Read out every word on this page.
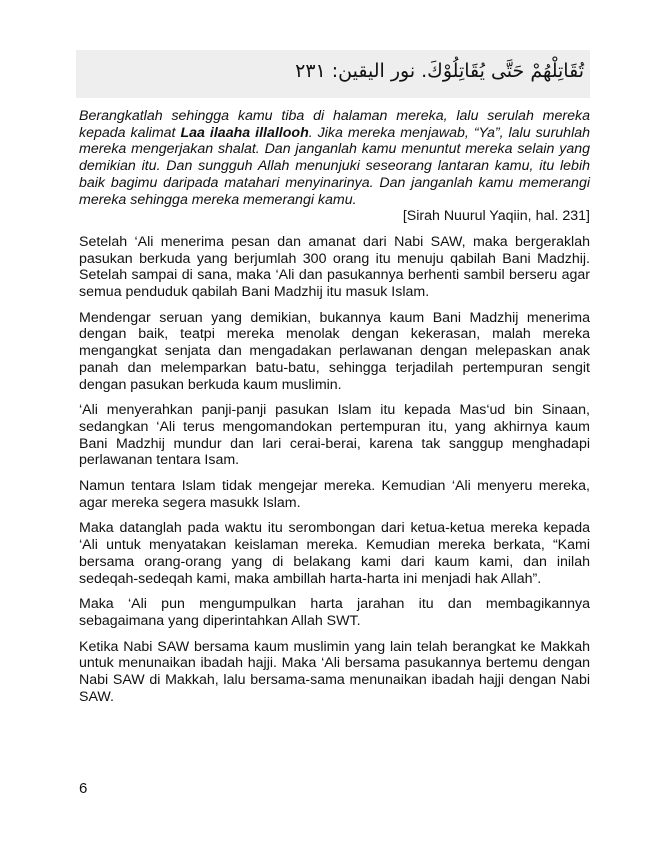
تُقَاتِلْهُمْ حَتَّى يُقَاتِلُوْكَ. نور اليقين: ٢٣١

Berangkatlah sehingga kamu tiba di halaman mereka, lalu serulah mereka kepada kalimat Laa ilaaha illallooh. Jika mereka menjawab, “Ya”, lalu suruhlah mereka mengerjakan shalat. Dan janganlah kamu menuntut mereka selain yang demikian itu. Dan sungguh Allah menunjuki seseorang lantaran kamu, itu lebih baik bagimu daripada matahari menyinarinya. Dan janganlah kamu memerangi mereka sehingga mereka memerangi kamu.

[Sirah Nuurul Yaqiin, hal. 231]

Setelah ‘Ali menerima pesan dan amanat dari Nabi SAW, maka bergeraklah pasukan berkuda yang berjumlah 300 orang itu menuju qabilah Bani Madzhij. Setelah sampai di sana, maka ‘Ali dan pasukannya berhenti sambil berseru agar semua penduduk qabilah Bani Madzhij itu masuk Islam.

Mendengar seruan yang demikian, bukannya kaum Bani Madzhij menerima dengan baik, teatpi mereka menolak dengan kekerasan, malah mereka mengangkat senjata dan mengadakan perlawanan dengan melepaskan anak panah dan melemparkan batu-batu, sehingga terjadilah pertempuran sengit dengan pasukan berkuda kaum muslimin.

‘Ali menyerahkan panji-panji pasukan Islam itu kepada Mas‘ud bin Sinaan, sedangkan ‘Ali terus mengomandokan pertempuran itu, yang akhirnya kaum Bani Madzhij mundur dan lari cerai-berai, karena tak sanggup menghadapi perlawanan tentara Isam.

Namun tentara Islam tidak mengejar mereka. Kemudian ‘Ali menyeru mereka, agar mereka segera masukk Islam.

Maka datanglah pada waktu itu serombongan dari ketua-ketua mereka kepada ‘Ali untuk menyatakan keislaman mereka. Kemudian mereka berkata, “Kami bersama orang-orang yang di belakang kami dari kaum kami, dan inilah sedeqah-sedeqah kami, maka ambillah harta-harta ini menjadi hak Allah”.

Maka ‘Ali pun mengumpulkan harta jarahan itu dan membagikannya sebagaimana yang diperintahkan Allah SWT.

Ketika Nabi SAW bersama kaum muslimin yang lain telah berangkat ke Makkah untuk menunaikan ibadah hajji. Maka ‘Ali bersama pasukannya bertemu dengan Nabi SAW di Makkah, lalu bersama-sama menunaikan ibadah hajji dengan Nabi SAW.

6
